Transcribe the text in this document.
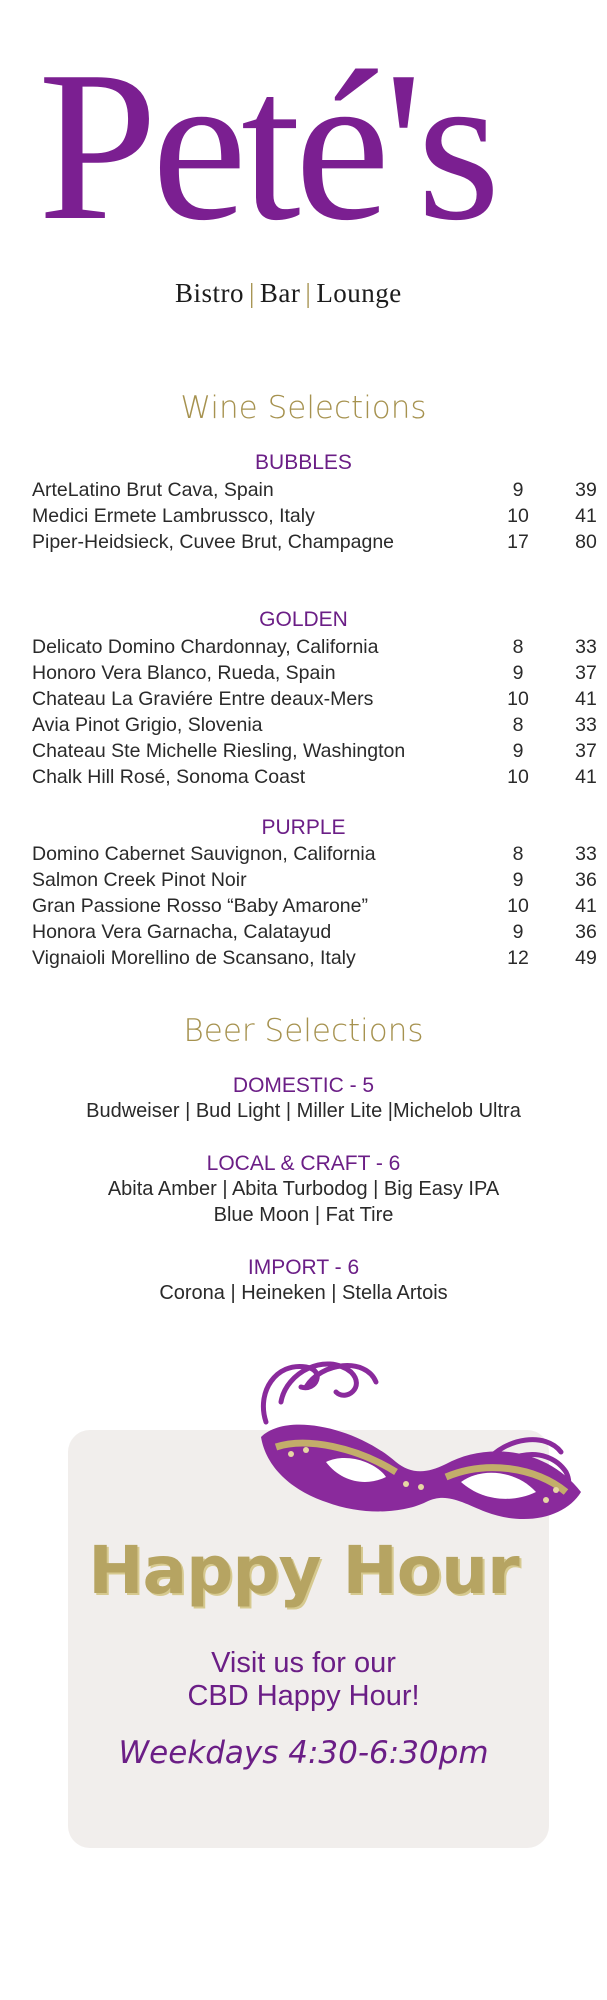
Peté's
Bistro | Bar | Lounge
Wine Selections
BUBBLES
ArteLatino Brut Cava, Spain	9	39
Medici Ermete Lambrussco, Italy	10	41
Piper-Heidsieck, Cuvee Brut, Champagne	17	80
GOLDEN
Delicato Domino Chardonnay, California	8	33
Honoro Vera Blanco, Rueda, Spain	9	37
Chateau La Graviére Entre deaux-Mers	10	41
Avia Pinot Grigio, Slovenia	8	33
Chateau Ste Michelle Riesling, Washington	9	37
Chalk Hill Rosé, Sonoma Coast	10	41
PURPLE
Domino Cabernet Sauvignon, California	8	33
Salmon Creek Pinot Noir	9	36
Gran Passione Rosso “Baby Amarone”	10	41
Honora Vera Garnacha, Calatayud	9	36
Vignaioli Morellino de Scansano, Italy	12	49
Beer Selections
DOMESTIC - 5
Budweiser | Bud Light | Miller Lite |Michelob Ultra
LOCAL & CRAFT - 6
Abita Amber | Abita Turbodog | Big Easy IPA
Blue Moon | Fat Tire
IMPORT - 6
Corona | Heineken | Stella Artois
Happy Hour
Visit us for our
CBD Happy Hour!
Weekdays 4:30-6:30pm
